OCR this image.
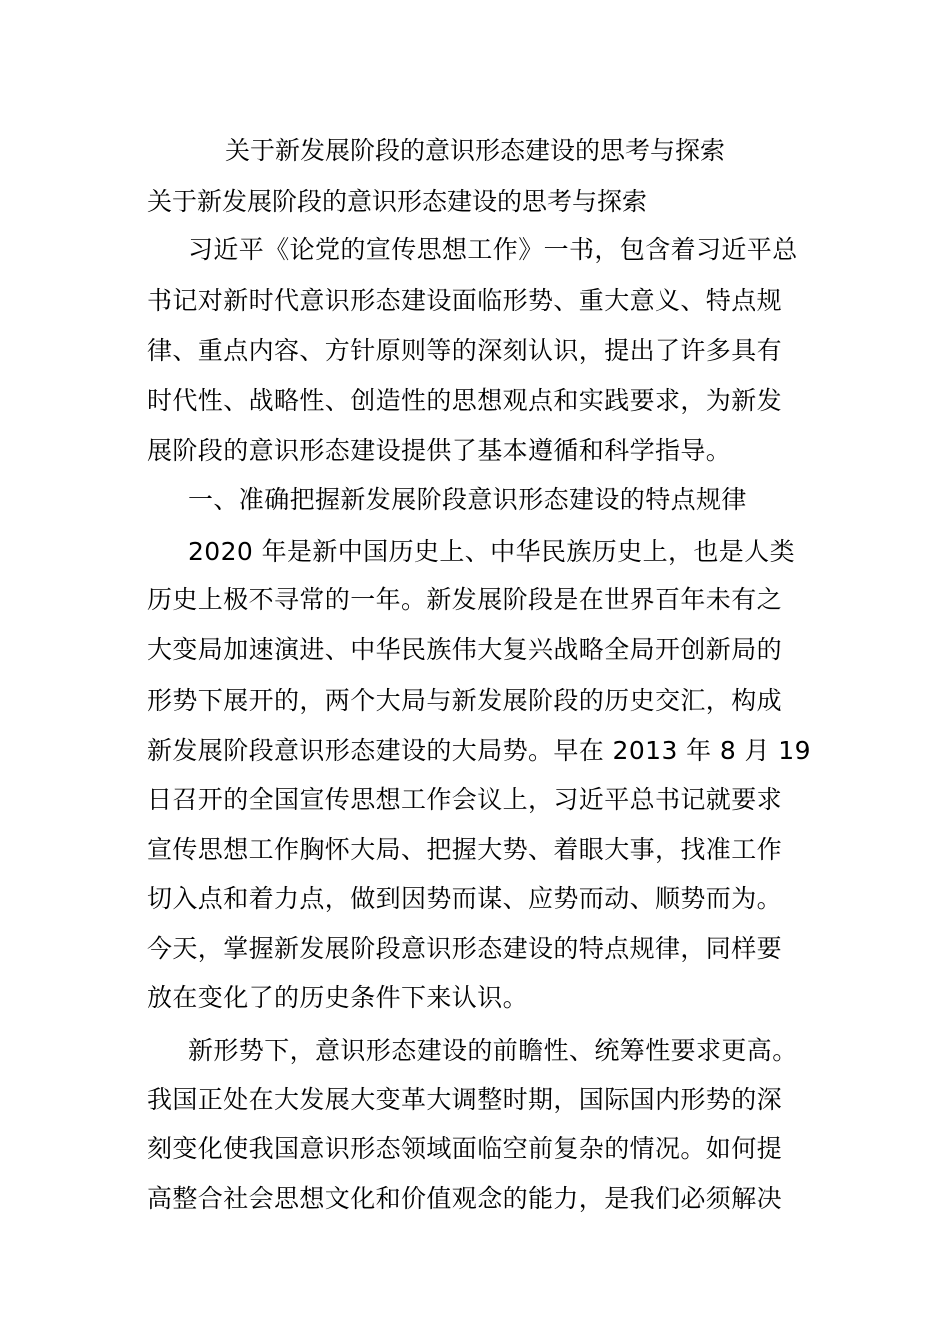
关于新发展阶段的意识形态建设的思考与探索
关于新发展阶段的意识形态建设的思考与探索
习近平《论党的宣传思想工作》一书，包含着习近平总
书记对新时代意识形态建设面临形势、重大意义、特点规
律、重点内容、方针原则等的深刻认识，提出了许多具有
时代性、战略性、创造性的思想观点和实践要求，为新发
展阶段的意识形态建设提供了基本遵循和科学指导。
一、准确把握新发展阶段意识形态建设的特点规律
2020 年是新中国历史上、中华民族历史上，也是人类
历史上极不寻常的一年。新发展阶段是在世界百年未有之
大变局加速演进、中华民族伟大复兴战略全局开创新局的
形势下展开的，两个大局与新发展阶段的历史交汇，构成
新发展阶段意识形态建设的大局势。早在 2013 年 8 月 19
日召开的全国宣传思想工作会议上，习近平总书记就要求
宣传思想工作胸怀大局、把握大势、着眼大事，找准工作
切入点和着力点，做到因势而谋、应势而动、顺势而为。
今天，掌握新发展阶段意识形态建设的特点规律，同样要
放在变化了的历史条件下来认识。
新形势下，意识形态建设的前瞻性、统筹性要求更高。
我国正处在大发展大变革大调整时期，国际国内形势的深
刻变化使我国意识形态领域面临空前复杂的情况。如何提
高整合社会思想文化和价值观念的能力，是我们必须解决
